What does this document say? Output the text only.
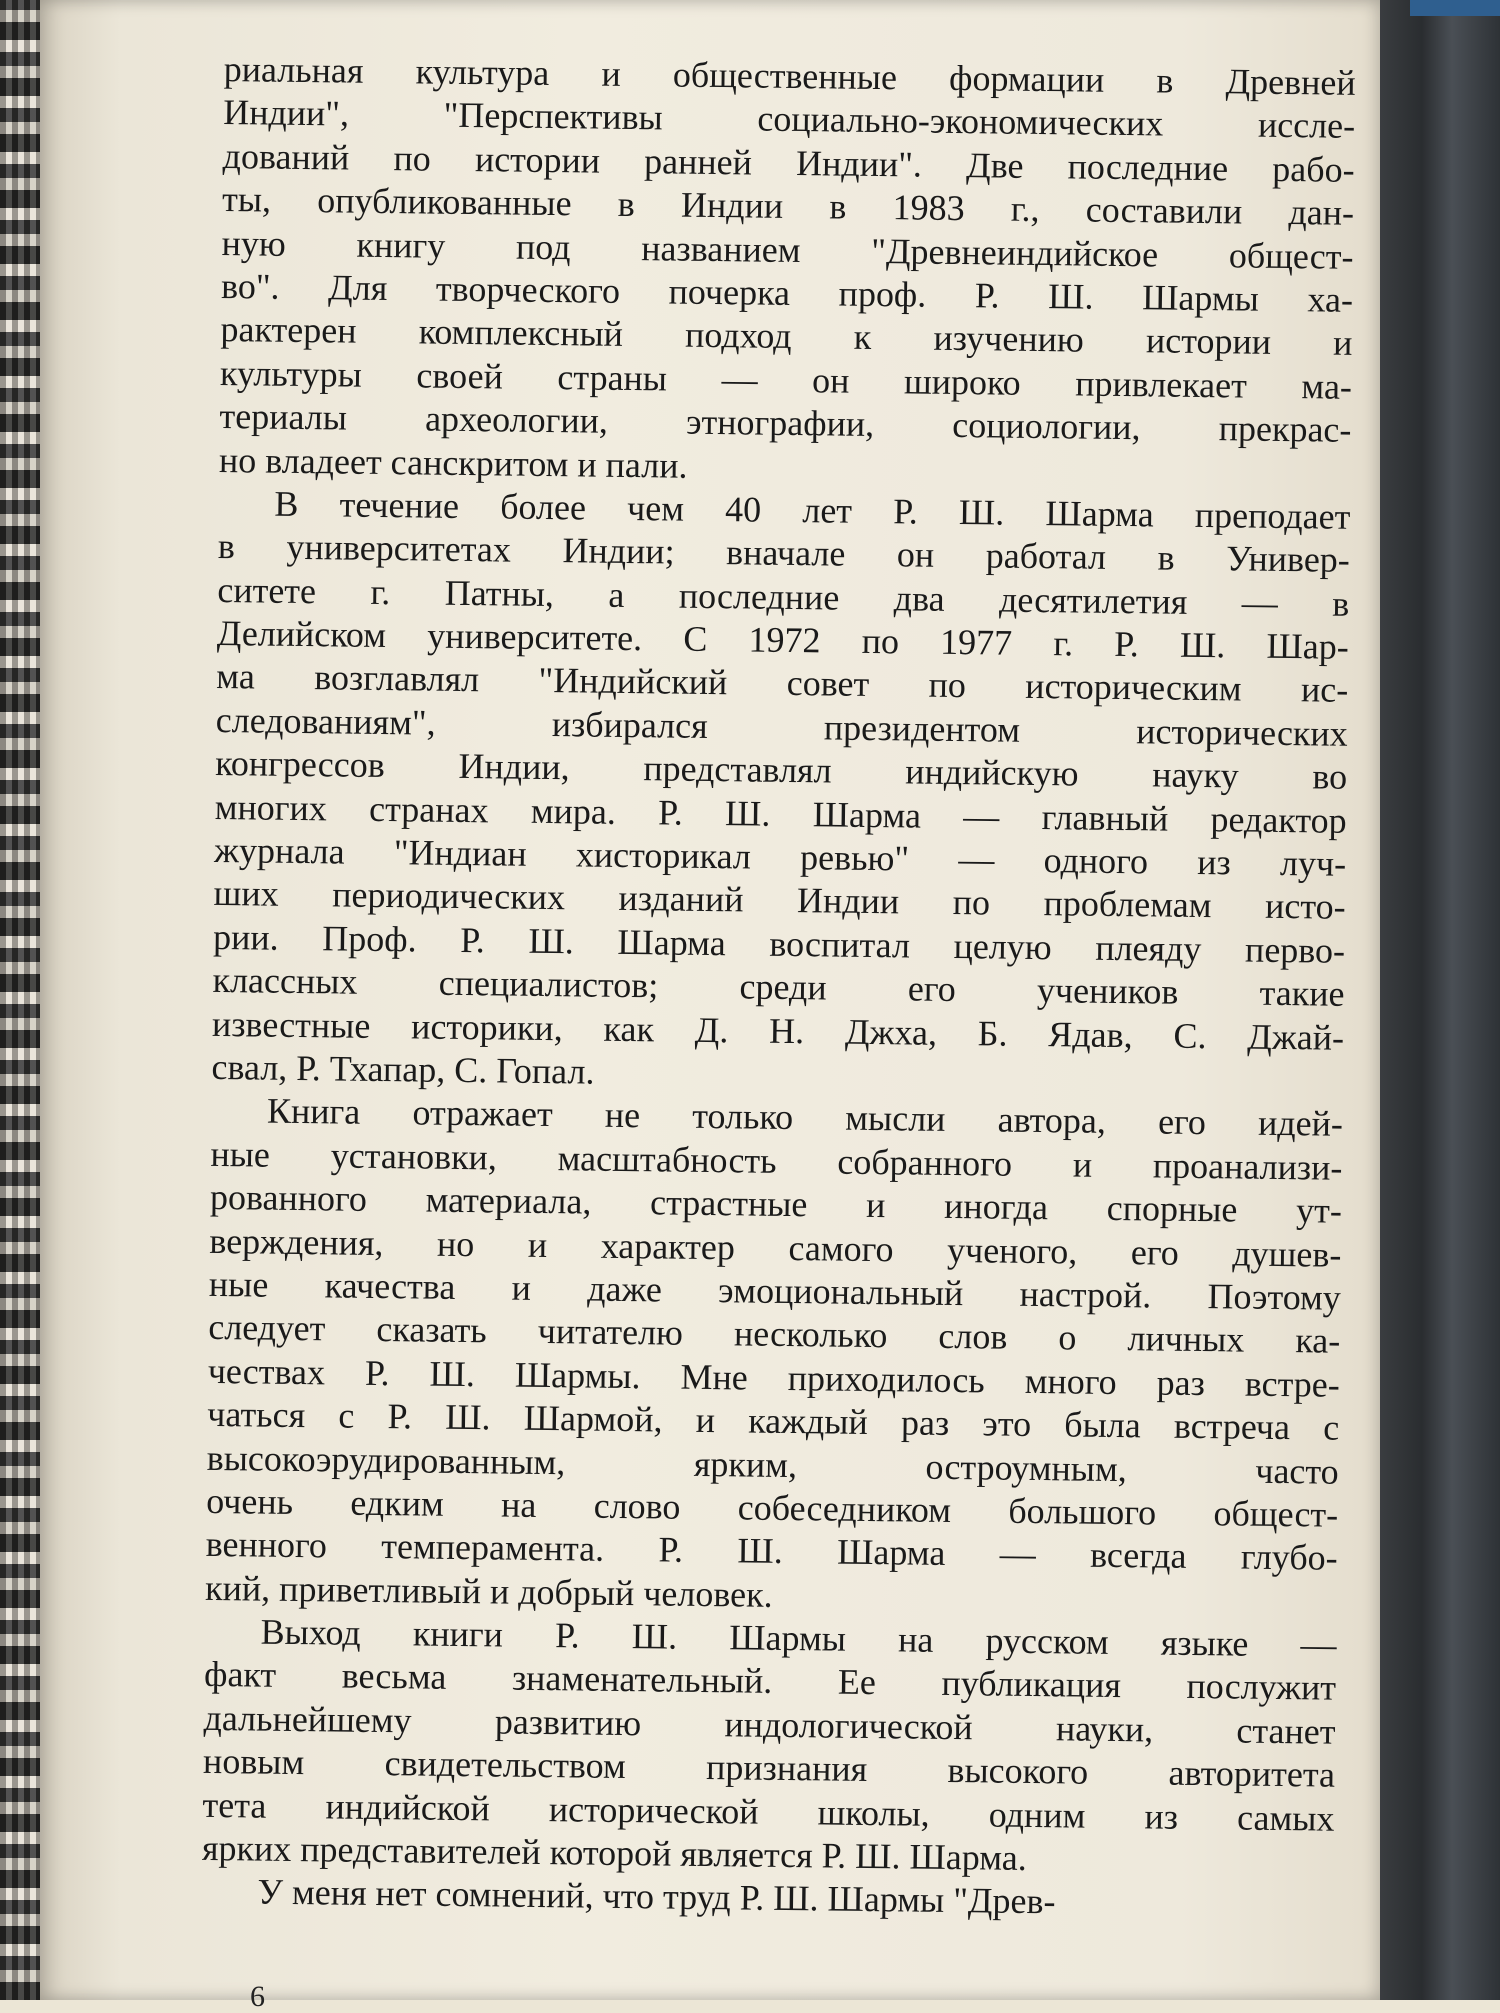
риальная культура и общественные формации в Древней
Индии", "Перспективы социально-экономических иссле-
дований по истории ранней Индии". Две последние рабо-
ты, опубликованные в Индии в 1983 г., составили дан-
ную книгу под названием "Древнеиндийское общест-
во". Для творческого почерка проф. Р. Ш. Шармы ха-
рактерен комплексный подход к изучению истории и
культуры своей страны — он широко привлекает ма-
териалы археологии, этнографии, социологии, прекрас-
но владеет санскритом и пали.
В течение более чем 40 лет Р. Ш. Шарма преподает
в университетах Индии; вначале он работал в Универ-
ситете г. Патны, а последние два десятилетия — в
Делийском университете. С 1972 по 1977 г. Р. Ш. Шар-
ма возглавлял "Индийский совет по историческим ис-
следованиям", избирался президентом исторических
конгрессов Индии, представлял индийскую науку во
многих странах мира. Р. Ш. Шарма — главный редактор
журнала "Индиан хисторикал ревью" — одного из луч-
ших периодических изданий Индии по проблемам исто-
рии. Проф. Р. Ш. Шарма воспитал целую плеяду перво-
классных специалистов; среди его учеников такие
известные историки, как Д. Н. Джха, Б. Ядав, С. Джай-
свал, Р. Тхапар, С. Гопал.
Книга отражает не только мысли автора, его идей-
ные установки, масштабность собранного и проанализи-
рованного материала, страстные и иногда спорные ут-
верждения, но и характер самого ученого, его душев-
ные качества и даже эмоциональный настрой. Поэтому
следует сказать читателю несколько слов о личных ка-
чествах Р. Ш. Шармы. Мне приходилось много раз встре-
чаться с Р. Ш. Шармой, и каждый раз это была встреча с
высокоэрудированным, ярким, остроумным, часто
очень едким на слово собеседником большого общест-
венного темперамента. Р. Ш. Шарма — всегда глубо-
кий, приветливый и добрый человек.
Выход книги Р. Ш. Шармы на русском языке —
факт весьма знаменательный. Ее публикация послужит
дальнейшему развитию индологической науки, станет
новым свидетельством признания высокого авторитета
тета индийской исторической школы, одним из самых
ярких представителей которой является Р. Ш. Шарма.
У меня нет сомнений, что труд Р. Ш. Шармы "Древ-
6
